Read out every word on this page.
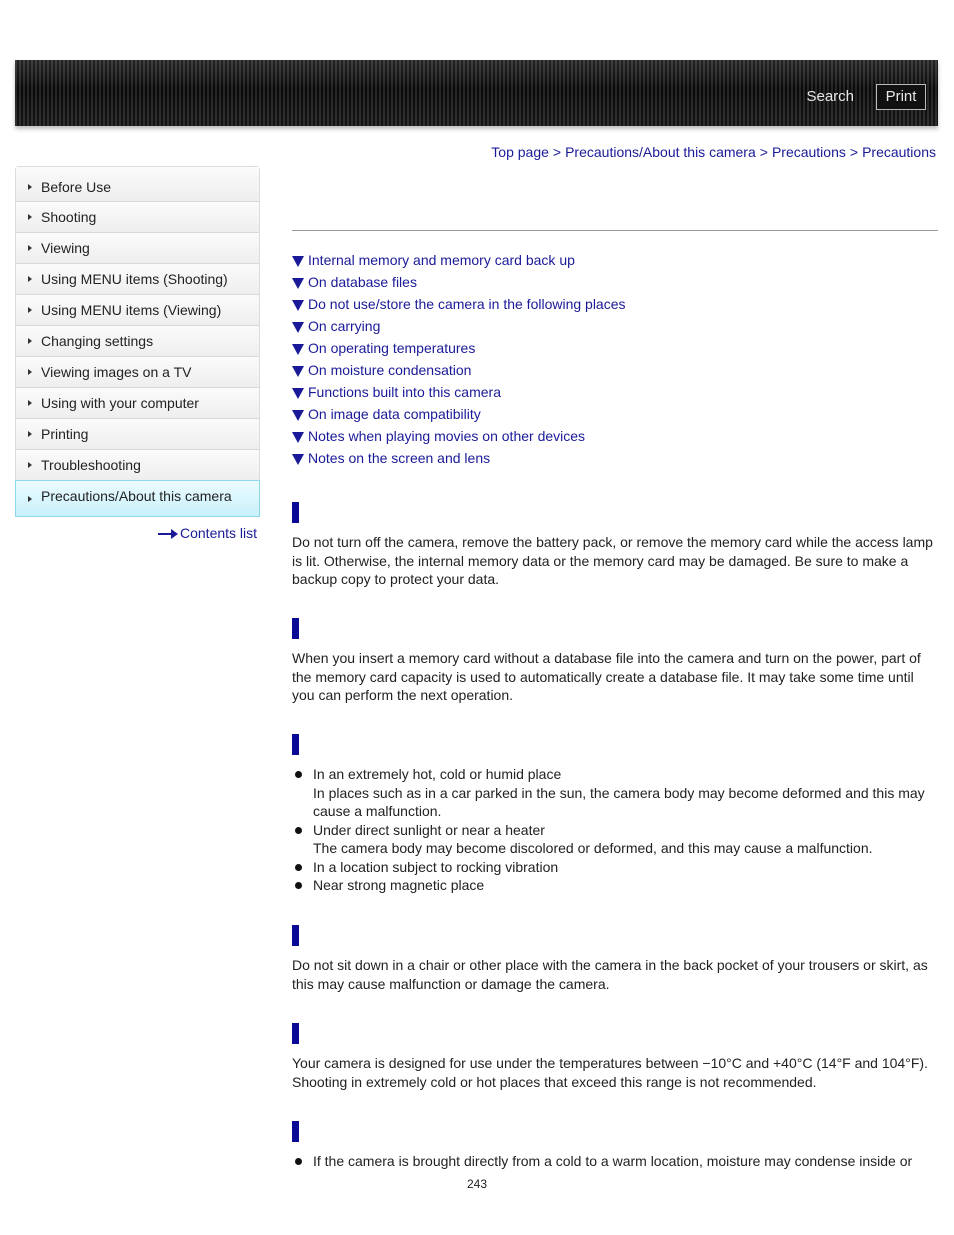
Search	Print
Top page > Precautions/About this camera > Precautions > Precautions
Before Use
Shooting
Viewing
Using MENU items (Shooting)
Using MENU items (Viewing)
Changing settings
Viewing images on a TV
Using with your computer
Printing
Troubleshooting
Precautions/About this camera
Contents list
Internal memory and memory card back up
On database files
Do not use/store the camera in the following places
On carrying
On operating temperatures
On moisture condensation
Functions built into this camera
On image data compatibility
Notes when playing movies on other devices
Notes on the screen and lens

Do not turn off the camera, remove the battery pack, or remove the memory card while the access lamp is lit. Otherwise, the internal memory data or the memory card may be damaged. Be sure to make a backup copy to protect your data.

When you insert a memory card without a database file into the camera and turn on the power, part of the memory card capacity is used to automatically create a database file. It may take some time until you can perform the next operation.

In an extremely hot, cold or humid place
In places such as in a car parked in the sun, the camera body may become deformed and this may cause a malfunction.
Under direct sunlight or near a heater
The camera body may become discolored or deformed, and this may cause a malfunction.
In a location subject to rocking vibration
Near strong magnetic place

Do not sit down in a chair or other place with the camera in the back pocket of your trousers or skirt, as this may cause malfunction or damage the camera.

Your camera is designed for use under the temperatures between −10°C and +40°C (14°F and 104°F). Shooting in extremely cold or hot places that exceed this range is not recommended.

If the camera is brought directly from a cold to a warm location, moisture may condense inside or
243
